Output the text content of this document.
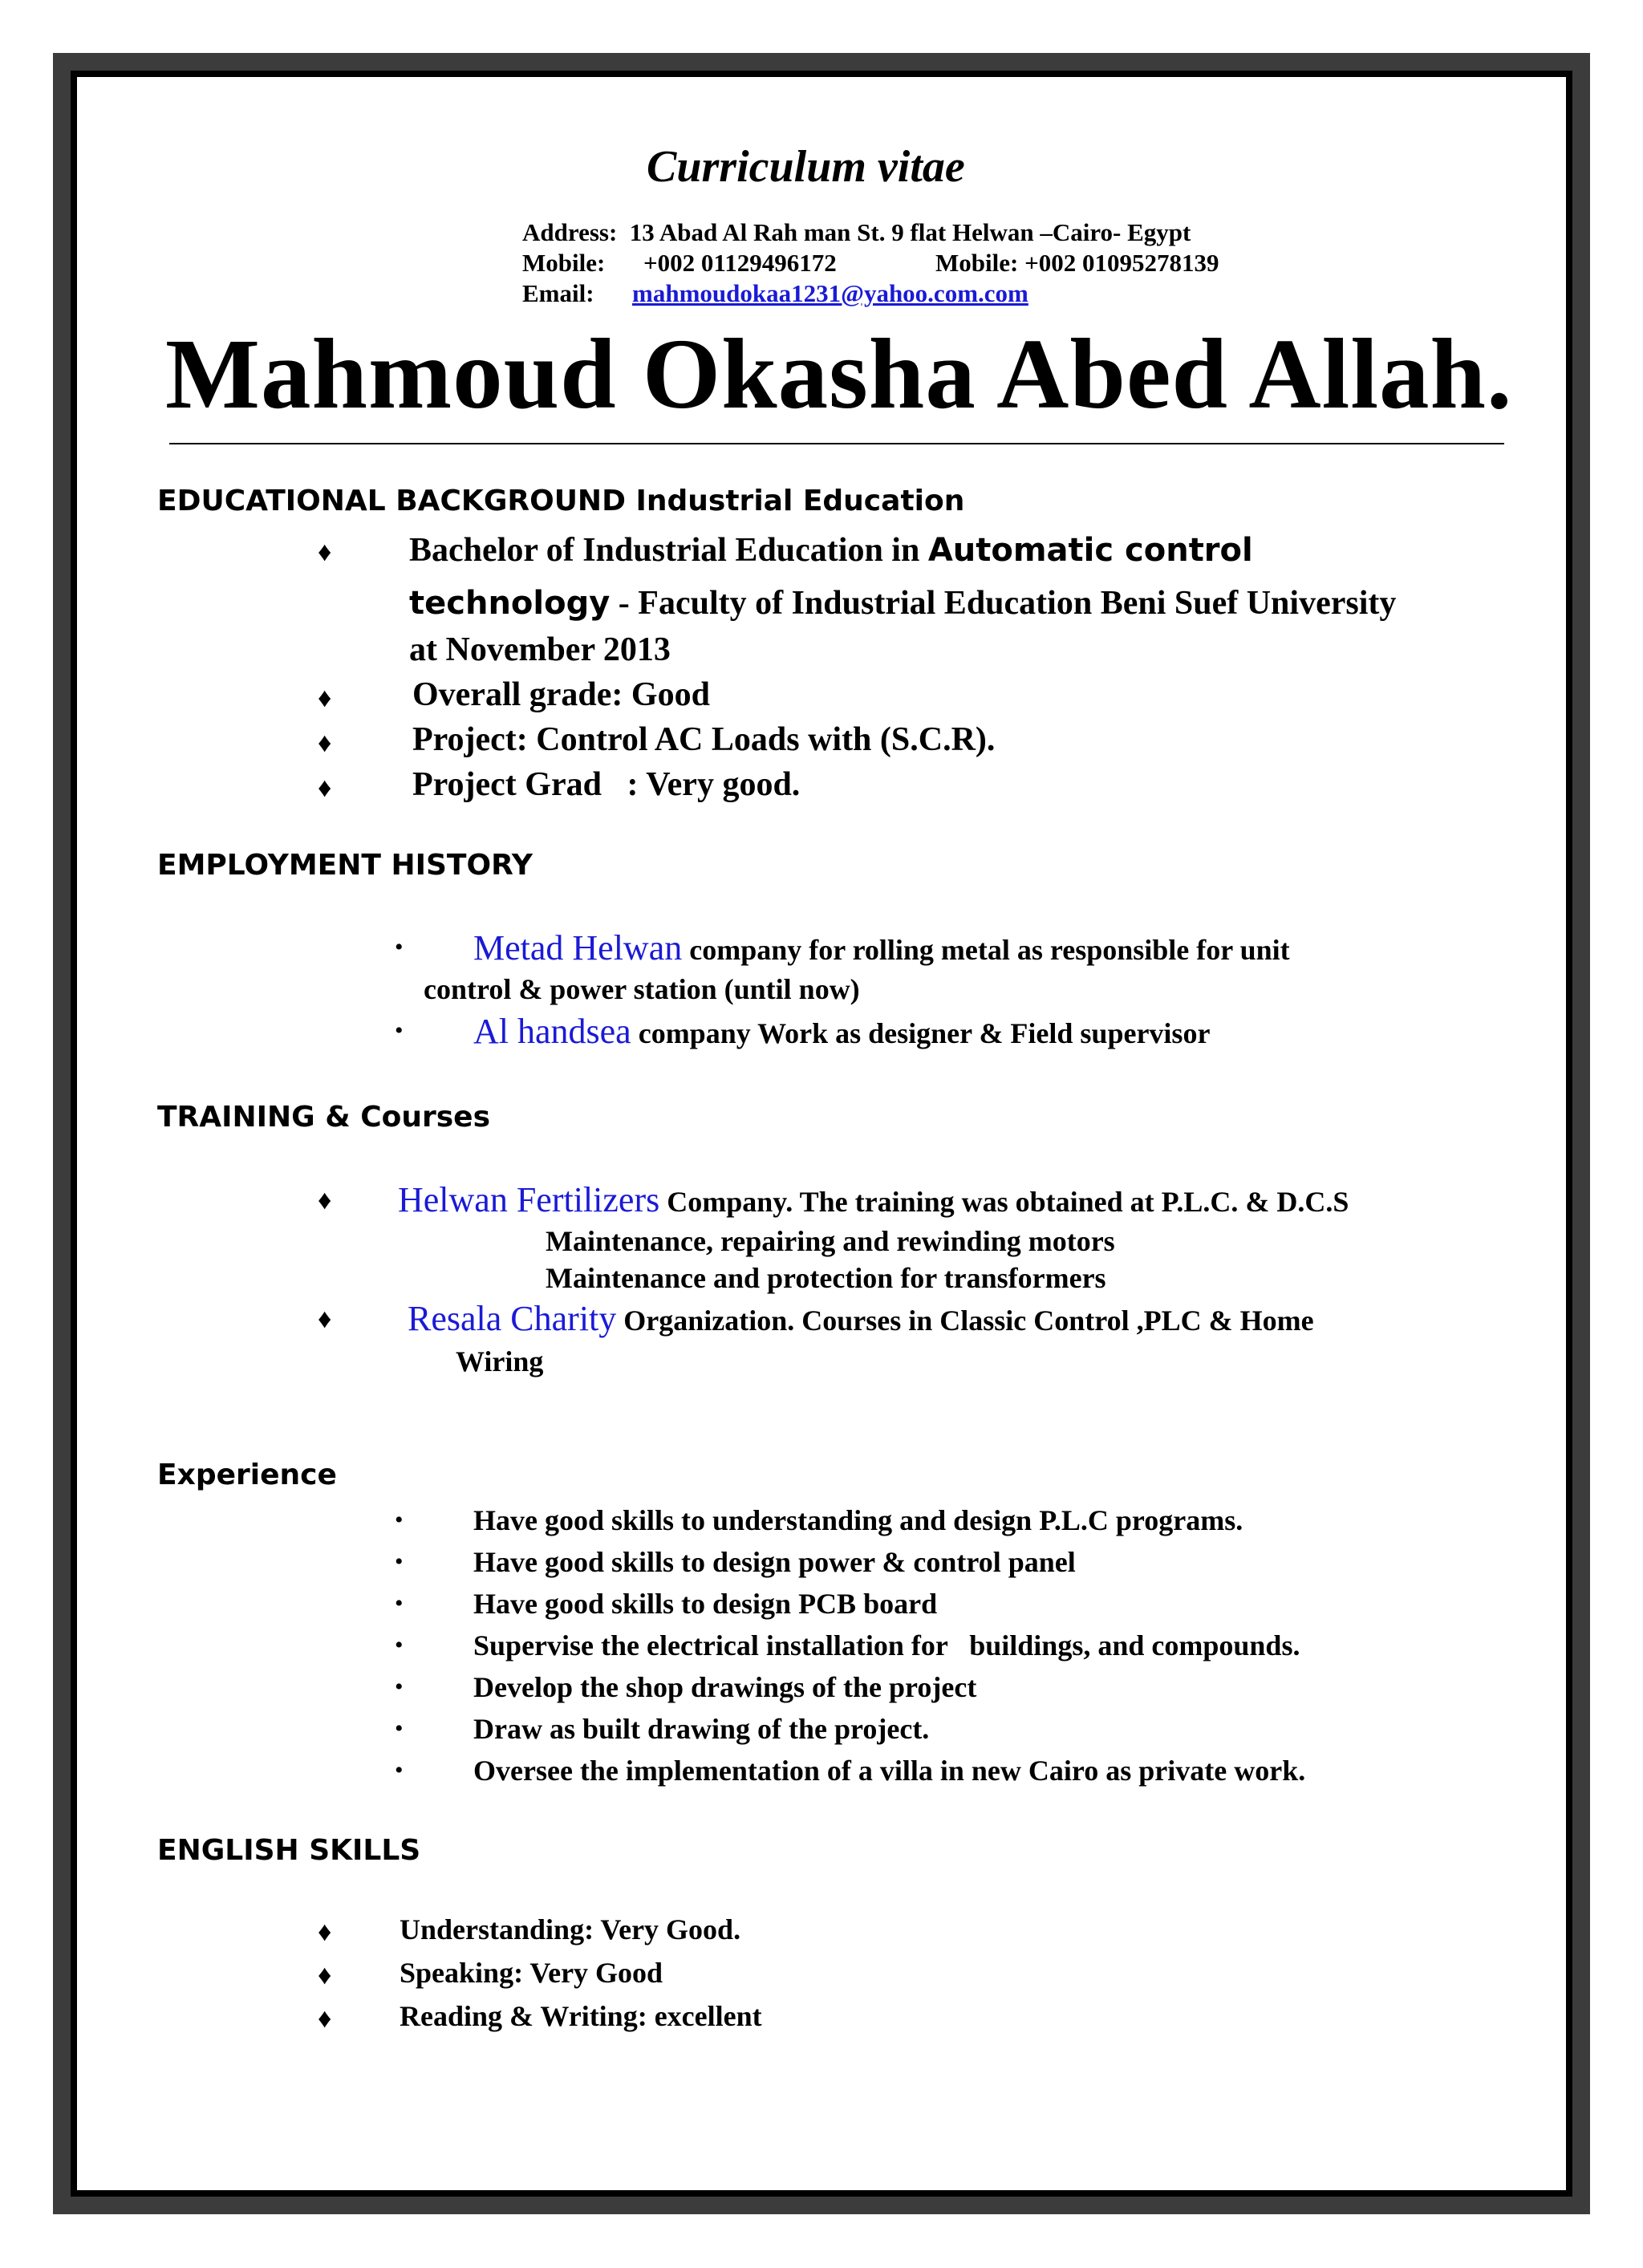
Curriculum vitae
Address: 13 Abad Al Rah man St. 9 flat Helwan –Cairo- Egypt
Mobile: +002 01129496172	Mobile: +002 01095278139
Email: mahmoudokaa1231@yahoo.com.com
Mahmoud Okasha Abed Allah.
EDUCATIONAL BACKGROUND Industrial Education
♦ Bachelor of Industrial Education in Automatic control
technology - Faculty of Industrial Education Beni Suef University
at November 2013
♦ Overall grade: Good
♦ Project: Control AC Loads with (S.C.R).
♦ Project Grad   : Very good.
EMPLOYMENT HISTORY
• Metad Helwan company for rolling metal as responsible for unit
control & power station (until now)
• Al handsea company Work as designer & Field supervisor
TRAINING & Courses
♦ Helwan Fertilizers Company. The training was obtained at P.L.C. & D.C.S
Maintenance, repairing and rewinding motors
Maintenance and protection for transformers
♦ Resala Charity Organization. Courses in Classic Control ,PLC & Home
Wiring
Experience
• Have good skills to understanding and design P.L.C programs.
• Have good skills to design power & control panel
• Have good skills to design PCB board
• Supervise the electrical installation for   buildings, and compounds.
• Develop the shop drawings of the project
• Draw as built drawing of the project.
• Oversee the implementation of a villa in new Cairo as private work.
ENGLISH SKILLS
♦ Understanding: Very Good.
♦ Speaking: Very Good
♦ Reading & Writing: excellent
